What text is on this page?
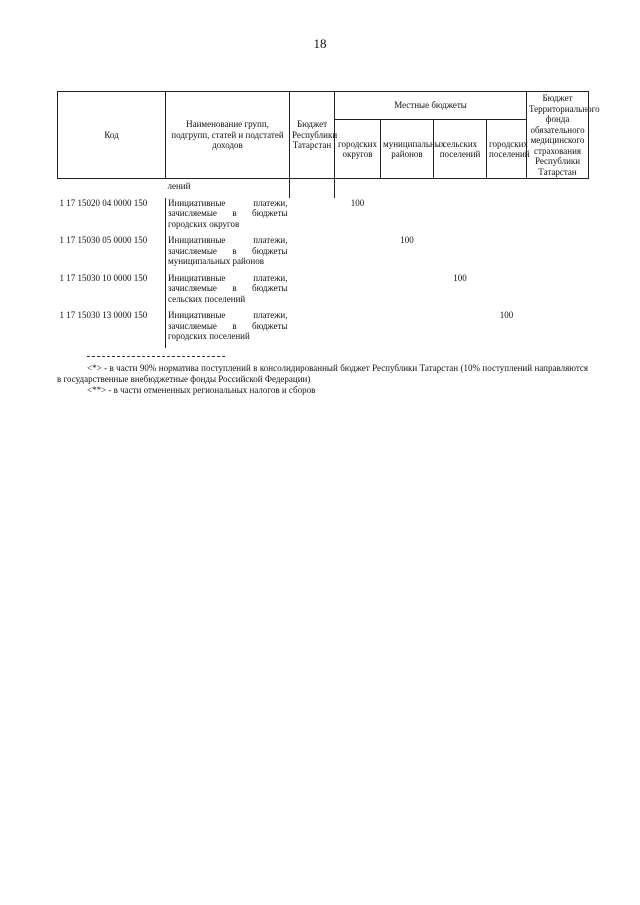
18
Код	Наименование групп, подгрупп, статей и подстатей доходов	Бюджет Республики Татарстан	Местные бюджеты				Бюджет Территориального фонда обязательного медицинского страхования Республики Татарстан
			городских округов	муниципальных районов	сельских поселений	городских поселений	
	лений						
1 17 15020 04 0000 150	Инициативные платежи, зачисляемые в бюджеты городских округов		100				
1 17 15030 05 0000 150	Инициативные платежи, зачисляемые в бюджеты муниципальных районов			100			
1 17 15030 10 0000 150	Инициативные платежи, зачисляемые в бюджеты сельских поселений				100		
1 17 15030 13 0000 150	Инициативные платежи, зачисляемые в бюджеты городских поселений					100	

<*> - в части 90% норматива поступлений в консолидированный бюджет Республики Татарстан (10% поступлений направляются в государственные внебюджетные фонды Российской Федерации)

<**> - в части отмененных региональных налогов и сборов
